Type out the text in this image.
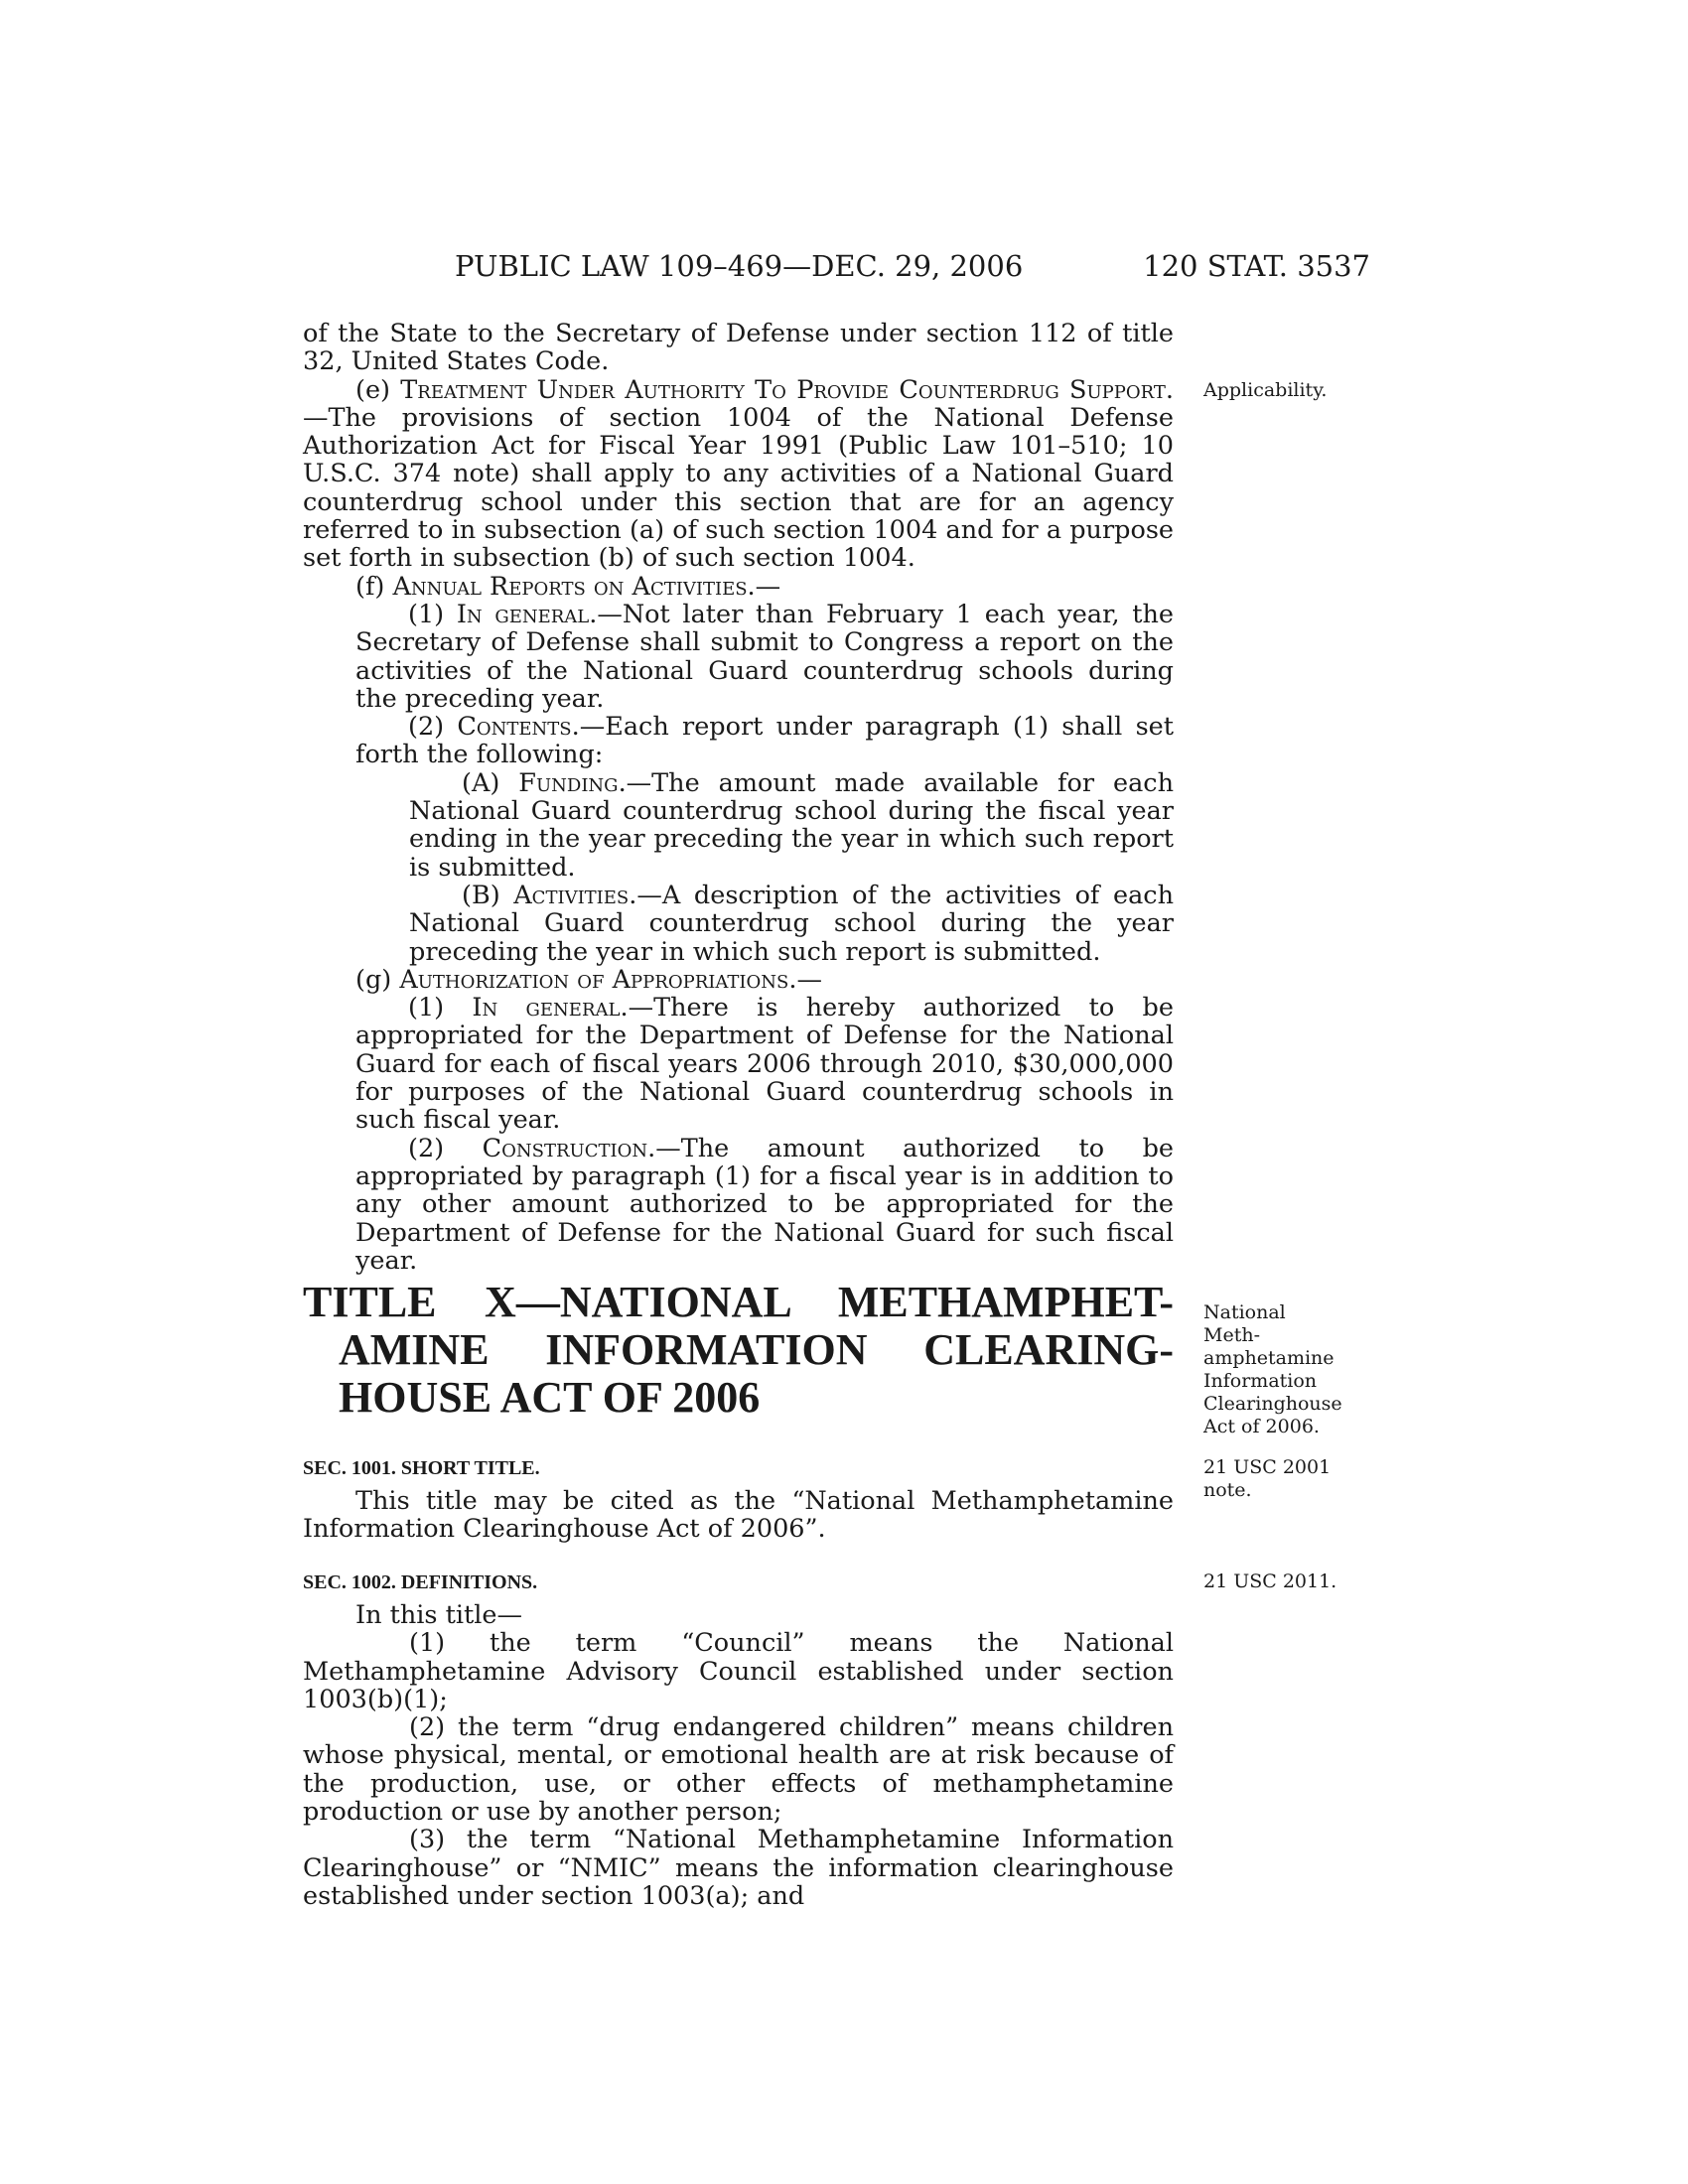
PUBLIC LAW 109–469—DEC. 29, 2006	120 STAT. 3537
Applicability.
National
Meth-
amphetamine
Information
Clearinghouse
Act of 2006.
21 USC 2001
note.
21 USC 2011.

of the State to the Secretary of Defense under section 112 of title 32, United States Code.

(e) Treatment Under Authority To Provide Counterdrug Support.—The provisions of section 1004 of the National Defense Authorization Act for Fiscal Year 1991 (Public Law 101–510; 10 U.S.C. 374 note) shall apply to any activities of a National Guard counterdrug school under this section that are for an agency referred to in subsection (a) of such section 1004 and for a purpose set forth in subsection (b) of such section 1004.

(f) Annual Reports on Activities.—

(1) In general.—Not later than February 1 each year, the Secretary of Defense shall submit to Congress a report on the activities of the National Guard counterdrug schools during the preceding year.

(2) Contents.—Each report under paragraph (1) shall set forth the following:

(A) Funding.—The amount made available for each National Guard counterdrug school during the fiscal year ending in the year preceding the year in which such report is submitted.

(B) Activities.—A description of the activities of each National Guard counterdrug school during the year preceding the year in which such report is submitted.

(g) Authorization of Appropriations.—

(1) In general.—There is hereby authorized to be appropriated for the Department of Defense for the National Guard for each of fiscal years 2006 through 2010, $30,000,000 for purposes of the National Guard counterdrug schools in such fiscal year.

(2) Construction.—The amount authorized to be appropriated by paragraph (1) for a fiscal year is in addition to any other amount authorized to be appropriated for the Department of Defense for the National Guard for such fiscal year.

TITLE X—NATIONAL METHAMPHET-
AMINE INFORMATION CLEARING-
HOUSE ACT OF 2006

SEC. 1001. SHORT TITLE.

This title may be cited as the “National Methamphetamine Information Clearinghouse Act of 2006”.

SEC. 1002. DEFINITIONS.

In this title—

(1) the term “Council” means the National Methamphetamine Advisory Council established under section 1003(b)(1);

(2) the term “drug endangered children” means children whose physical, mental, or emotional health are at risk because of the production, use, or other effects of methamphetamine production or use by another person;

(3) the term “National Methamphetamine Information Clearinghouse” or “NMIC” means the information clearinghouse established under section 1003(a); and
